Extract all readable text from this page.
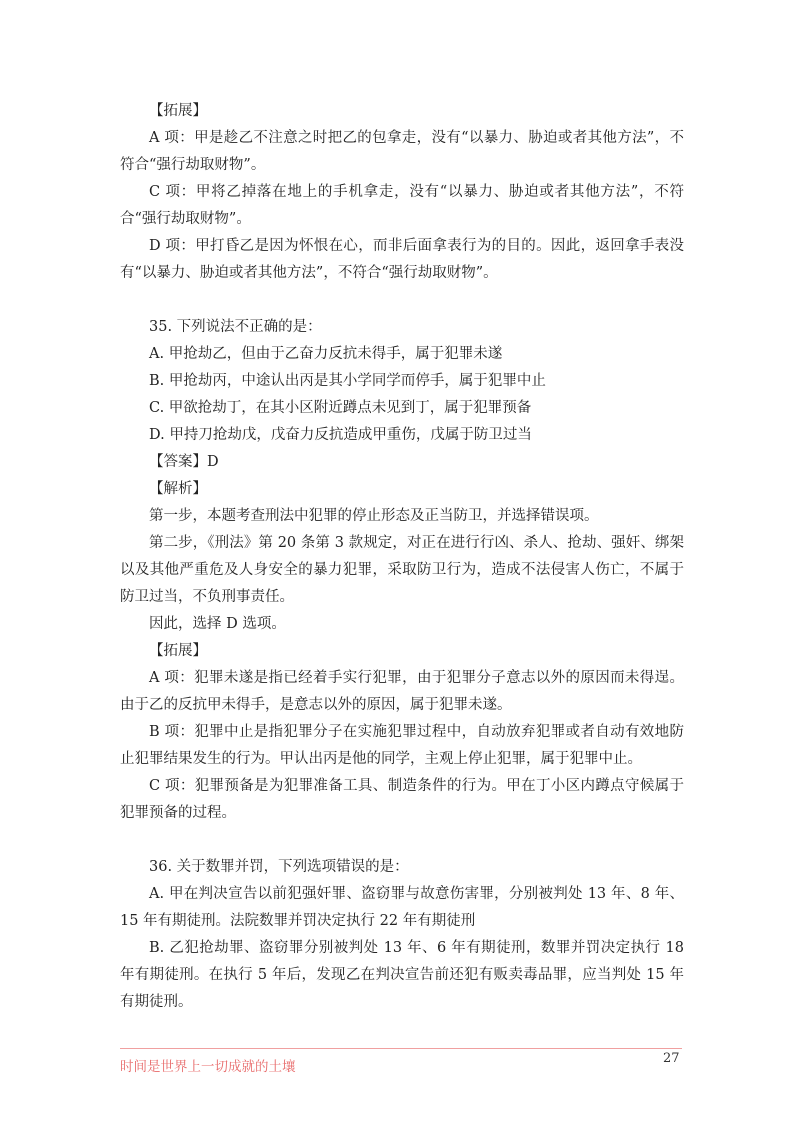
【拓展】

A 项：甲是趁乙不注意之时把乙的包拿走，没有“以暴力、胁迫或者其他方法”，不符合“强行劫取财物”。

C 项：甲将乙掉落在地上的手机拿走，没有“以暴力、胁迫或者其他方法”，不符合“强行劫取财物”。

D 项：甲打昏乙是因为怀恨在心，而非后面拿表行为的目的。因此，返回拿手表没有“以暴力、胁迫或者其他方法”，不符合“强行劫取财物”。

35. 下列说法不正确的是：

A. 甲抢劫乙，但由于乙奋力反抗未得手，属于犯罪未遂

B. 甲抢劫丙，中途认出丙是其小学同学而停手，属于犯罪中止

C. 甲欲抢劫丁，在其小区附近蹲点未见到丁，属于犯罪预备

D. 甲持刀抢劫戊，戊奋力反抗造成甲重伤，戊属于防卫过当

【答案】D

【解析】

第一步，本题考查刑法中犯罪的停止形态及正当防卫，并选择错误项。

第二步，《刑法》第 20 条第 3 款规定，对正在进行行凶、杀人、抢劫、强奸、绑架以及其他严重危及人身安全的暴力犯罪，采取防卫行为，造成不法侵害人伤亡，不属于防卫过当，不负刑事责任。

因此，选择 D 选项。

【拓展】

A 项：犯罪未遂是指已经着手实行犯罪，由于犯罪分子意志以外的原因而未得逞。由于乙的反抗甲未得手，是意志以外的原因，属于犯罪未遂。

B 项：犯罪中止是指犯罪分子在实施犯罪过程中，自动放弃犯罪或者自动有效地防止犯罪结果发生的行为。甲认出丙是他的同学，主观上停止犯罪，属于犯罪中止。

C 项：犯罪预备是为犯罪准备工具、制造条件的行为。甲在丁小区内蹲点守候属于犯罪预备的过程。

36. 关于数罪并罚，下列选项错误的是：

A. 甲在判决宣告以前犯强奸罪、盗窃罪与故意伤害罪，分别被判处 13 年、8 年、15 年有期徒刑。法院数罪并罚决定执行 22 年有期徒刑

B. 乙犯抢劫罪、盗窃罪分别被判处 13 年、6 年有期徒刑，数罪并罚决定执行 18 年有期徒刑。在执行 5 年后，发现乙在判决宣告前还犯有贩卖毒品罪，应当判处 15 年有期徒刑。

时间是世界上一切成就的土壤
27
